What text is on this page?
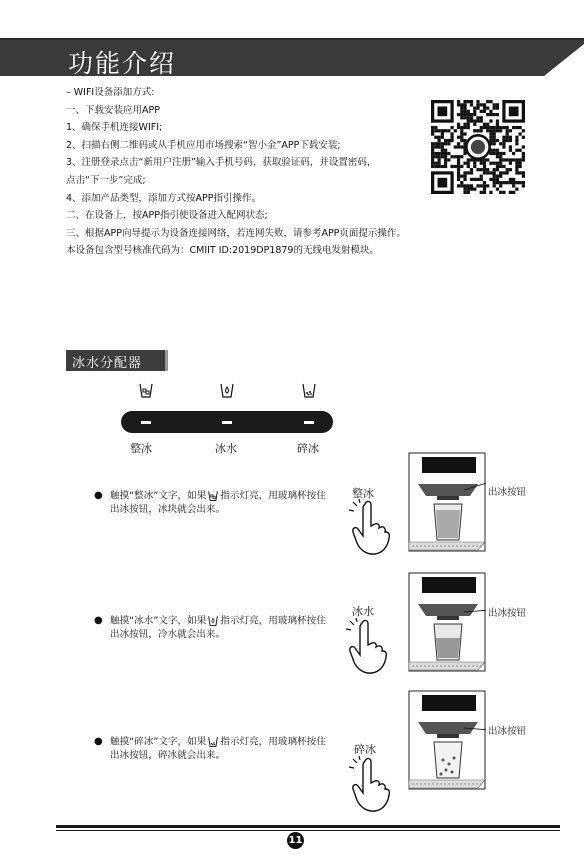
功能介绍
– WIFI设备添加方式:
一、下载安装应用APP
1、确保手机连接WIFI;
2、扫描右侧二维码或从手机应用市场搜索“智小金”APP下载安装;
3、注册登录点击“新用户注册”输入手机号码，获取验证码，并设置密码，
点击“下一步”完成;
4、添加产品类型，添加方式按APP指引操作。
二、在设备上，按APP指引使设备进入配网状态;
三、根据APP向导提示为设备连接网络，若连网失败，请参考APP页面提示操作。
本设备包含型号核准代码为：CMIIT ID:2019DP1879的无线电发射模块。
冰水分配器
整冰	冰水	碎冰
● 触摸“整冰”文字，如果 指示灯亮，用玻璃杯按住出冰按钮，冰块就会出来。
整冰	出冰按钮
● 触摸“冰水”文字，如果 指示灯亮，用玻璃杯按住出冰按钮，冷水就会出来。
冰水	出冰按钮
● 触摸“碎冰”文字，如果 指示灯亮，用玻璃杯按住出冰按钮，碎冰就会出来。	碎冰
出冰按钮
11
